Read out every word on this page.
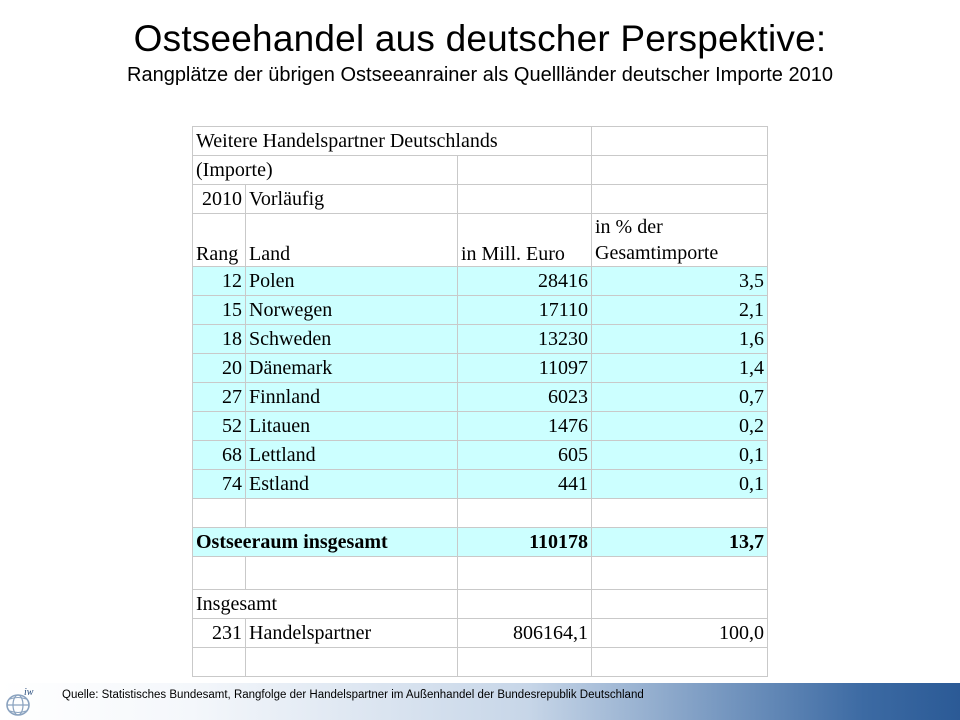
Ostseehandel aus deutscher Perspektive:
Rangplätze der übrigen Ostseeanrainer als Quellländer deutscher Importe 2010
Weitere Handelspartner Deutschlands			
(Importe)			
2010	Vorläufig		
Rang	Land	in Mill. Euro	in % der
Gesamtimporte

12	Polen	28416	3,5
15	Norwegen	17110	2,1
18	Schweden	13230	1,6
20	Dänemark	11097	1,4
27	Finnland	6023	0,7
52	Litauen	1476	0,2
68	Lettland	605	0,1
74	Estland	441	0,1

Ostseeraum insgesamt		110178	13,7

Insgesamt			
231	Handelspartner	806164,1	100,0

iw Quelle: Statistisches Bundesamt, Rangfolge der Handelspartner im Außenhandel der Bundesrepublik Deutschland
